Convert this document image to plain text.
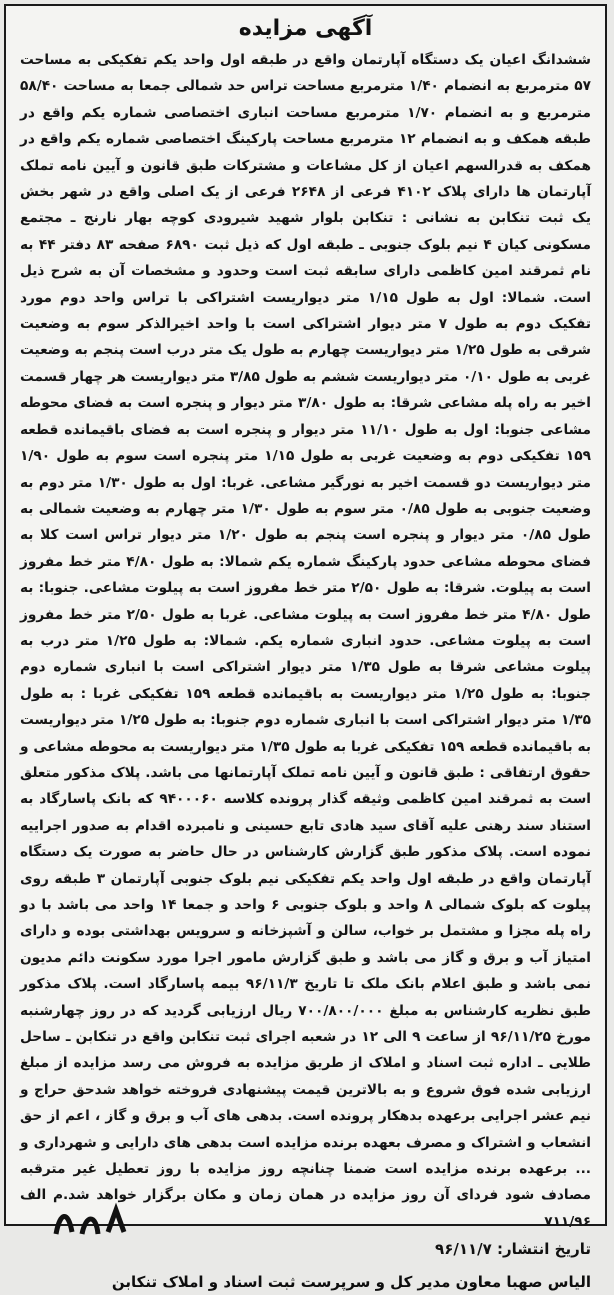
آگهی مزایده

ششدانگ اعیان یک دستگاه آپارتمان واقع در طبقه اول واحد یکم تفکیکی به مساحت ۵۷ مترمربع به انضمام ۱/۴۰ مترمربع مساحت تراس حد شمالی جمعا به مساحت ۵۸/۴۰ مترمربع و به انضمام ۱/۷۰ مترمربع مساحت انباری اختصاصی شماره یکم واقع در طبقه همکف و به انضمام ۱۲ مترمربع مساحت پارکینگ اختصاصی شماره یکم واقع در همکف به قدرالسهم اعیان از کل مشاعات و مشترکات طبق قانون و آیین نامه تملک آپارتمان ها دارای پلاک ۴۱۰۲ فرعی از ۲۶۴۸ فرعی از یک اصلی واقع در شهر بخش یک ثبت تنکابن به نشانی : تنکابن بلوار شهید شیرودی کوچه بهار نارنج ـ مجتمع مسکونی کیان ۴ نیم بلوک جنوبی ـ طبقه اول که ذیل ثبت ۶۸۹۰ صفحه ۸۳ دفتر ۴۴ به نام ثمرقند امین کاظمی دارای سابقه ثبت است وحدود و مشخصات آن به شرح ذیل است. شمالا: اول به طول ۱/۱۵ متر دیواریست اشتراکی با تراس واحد دوم مورد تفکیک دوم به طول ۷ متر دیوار اشتراکی است با واحد اخیرالذکر سوم به وضعیت شرقی به طول ۱/۲۵ متر دیواریست چهارم به طول یک متر درب است پنجم به وضعیت غربی به طول ۰/۱۰ متر دیواریست ششم به طول ۳/۸۵ متر دیواریست هر چهار قسمت اخیر به راه پله مشاعی شرقا: به طول ۳/۸۰ متر دیوار و پنجره است به فضای محوطه مشاعی جنوبا: اول به طول ۱۱/۱۰ متر دیوار و پنجره است به فضای باقیمانده قطعه ۱۵۹ تفکیکی دوم به وضعیت غربی به طول ۱/۱۵ متر پنجره است سوم به طول ۱/۹۰ متر دیواریست دو قسمت اخیر به نورگیر مشاعی. غربا: اول به طول ۱/۳۰ متر دوم به وضعیت جنوبی به طول ۰/۸۵ متر سوم به طول ۱/۳۰ متر چهارم به وضعیت شمالی به طول ۰/۸۵ متر دیوار و پنجره است پنجم به طول ۱/۲۰ متر دیوار تراس است کلا به فضای محوطه مشاعی حدود پارکینگ شماره یکم شمالا: به طول ۴/۸۰ متر خط مفروز است به پیلوت. شرقا: به طول ۲/۵۰ متر خط مفروز است به پیلوت مشاعی. جنوبا: به طول ۴/۸۰ متر خط مفروز است به پیلوت مشاعی. غربا به طول ۲/۵۰ متر خط مفروز است به پیلوت مشاعی. حدود انباری شماره یکم. شمالا: به طول ۱/۲۵ متر درب به پیلوت مشاعی شرقا به طول ۱/۳۵ متر دیوار اشتراکی است با انباری شماره دوم جنوبا: به طول ۱/۲۵ متر دیواریست به باقیمانده قطعه ۱۵۹ تفکیکی غربا : به طول ۱/۳۵ متر دیوار اشتراکی است با انباری شماره دوم جنوبا: به طول ۱/۲۵ متر دیواریست به باقیمانده قطعه ۱۵۹ تفکیکی غربا به طول ۱/۳۵ متر دیواریست به محوطه مشاعی و حقوق ارتفاقی : طبق قانون و آیین نامه تملک آپارتمانها می باشد. پلاک مذکور متعلق است به ثمرقند امین کاظمی وثیقه گذار پرونده کلاسه ۹۴۰۰۰۶۰ که بانک پاسارگاد به استناد سند رهنی علیه آقای سید هادی تابع حسینی و نامبرده اقدام به صدور اجراییه نموده است. پلاک مذکور طبق گزارش کارشناس در حال حاضر به صورت یک دستگاه آپارتمان واقع در طبقه اول واحد یکم تفکیکی نیم بلوک جنوبی آپارتمان ۳ طبقه روی پیلوت که بلوک شمالی ۸ واحد و بلوک جنوبی ۶ واحد و جمعا ۱۴ واحد می باشد با دو راه پله مجزا و مشتمل بر خواب، سالن و آشپزخانه و سرویس بهداشتی بوده و دارای امتیاز آب و برق و گاز می باشد و طبق گزارش مامور اجرا مورد سکونت دائم مدیون نمی باشد و طبق اعلام بانک ملک تا تاریخ ۹۶/۱۱/۳ بیمه پاسارگاد است. پلاک مذکور طبق نظریه کارشناس به مبلغ ۷۰۰/۸۰۰/۰۰۰ ریال ارزیابی گردید که در روز چهارشنبه مورخ ۹۶/۱۱/۲۵ از ساعت ۹ الی ۱۲ در شعبه اجرای ثبت تنکابن واقع در تنکابن ـ ساحل طلایی ـ اداره ثبت اسناد و املاک از طریق مزایده به فروش می رسد مزایده از مبلغ ارزیابی شده فوق شروع و به بالاترین قیمت پیشنهادی فروخته خواهد شدحق حراج و نیم عشر اجرایی برعهده بدهکار پرونده است. بدهی های آب و برق و گاز ، اعم از حق انشعاب و اشتراک و مصرف بعهده برنده مزایده است بدهی های دارایی و شهرداری و ... برعهده برنده مزایده است ضمنا چنانچه روز مزایده با روز تعطیل غیر مترقبه مصادف شود فردای آن روز مزایده در همان زمان و مکان برگزار خواهد شد.م الف ۷۱۱/۹۶

تاریخ انتشار: ۹۶/۱۱/۷
الیاس صهبا معاون مدیر کل و سرپرست ثبت اسناد و املاک تنکابن
